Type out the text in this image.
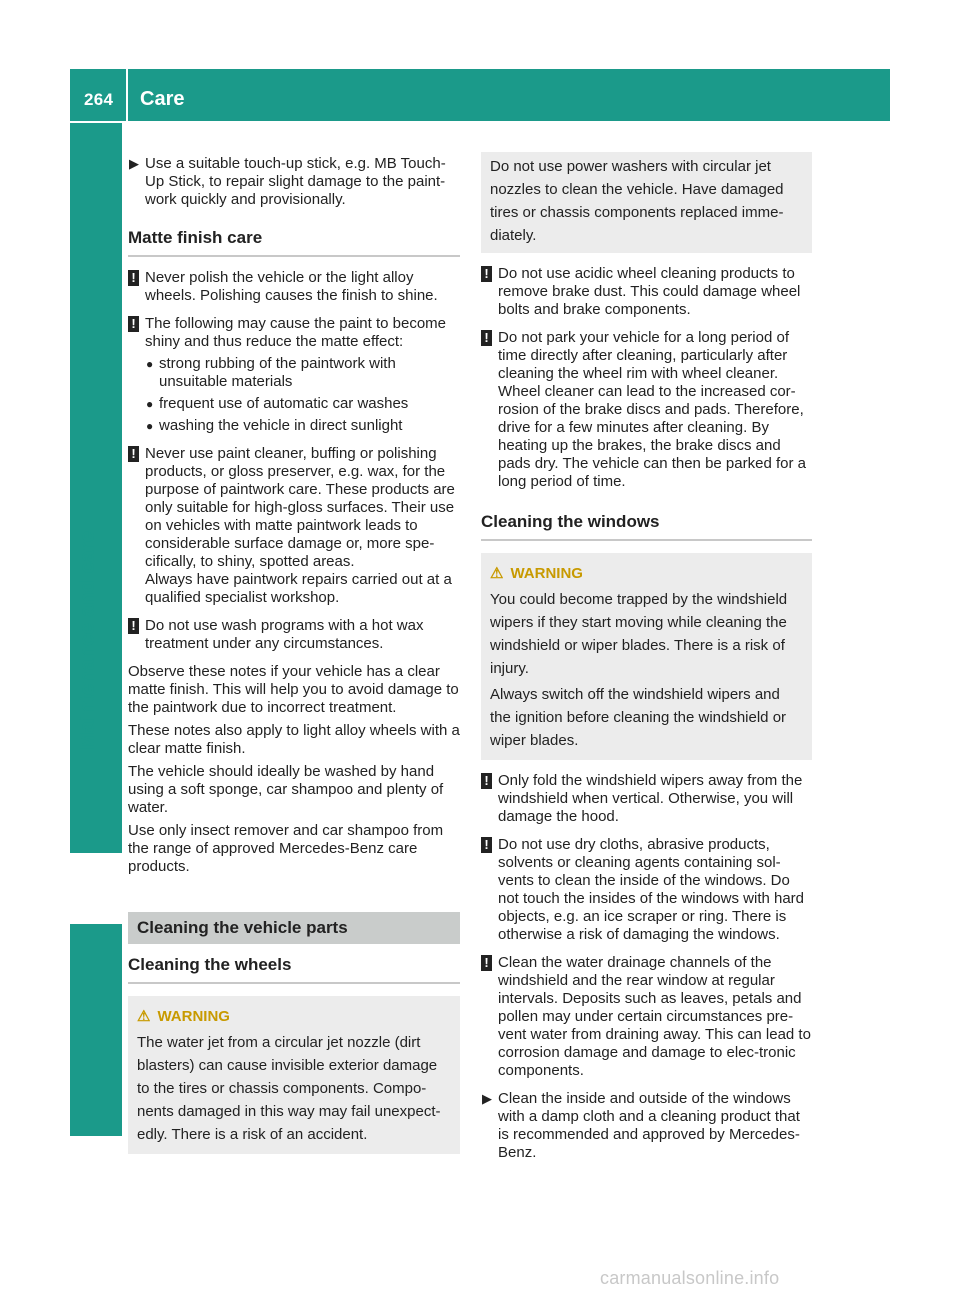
264 Care
Maintenance and care
▶ Use a suitable touch-up stick, e.g. MB Touch-Up Stick, to repair slight damage to the paint-work quickly and provisionally.
Matte finish care
! Never polish the vehicle or the light alloy wheels. Polishing causes the finish to shine.
! The following may cause the paint to become shiny and thus reduce the matte effect:
● strong rubbing of the paintwork with unsuitable materials
● frequent use of automatic car washes
● washing the vehicle in direct sunlight
! Never use paint cleaner, buffing or polishing products, or gloss preserver, e.g. wax, for the purpose of paintwork care. These products are only suitable for high-gloss surfaces. Their use on vehicles with matte paintwork leads to considerable surface damage or, more spe-cifically, to shiny, spotted areas.
Always have paintwork repairs carried out at a qualified specialist workshop.
! Do not use wash programs with a hot wax treatment under any circumstances.

Observe these notes if your vehicle has a clear matte finish. This will help you to avoid damage to the paintwork due to incorrect treatment.

These notes also apply to light alloy wheels with a clear matte finish.

The vehicle should ideally be washed by hand using a soft sponge, car shampoo and plenty of water.

Use only insect remover and car shampoo from the range of approved Mercedes-Benz care products.

Cleaning the vehicle parts
Cleaning the wheels
⚠ WARNING
The water jet from a circular jet nozzle (dirt blasters) can cause invisible exterior damage to the tires or chassis components. Compo-nents damaged in this way may fail unexpect-edly. There is a risk of an accident.
Do not use power washers with circular jet nozzles to clean the vehicle. Have damaged tires or chassis components replaced imme-diately.
! Do not use acidic wheel cleaning products to remove brake dust. This could damage wheel bolts and brake components.
! Do not park your vehicle for a long period of time directly after cleaning, particularly after cleaning the wheel rim with wheel cleaner. Wheel cleaner can lead to the increased cor-rosion of the brake discs and pads. Therefore, drive for a few minutes after cleaning. By heating up the brakes, the brake discs and pads dry. The vehicle can then be parked for a long period of time.
Cleaning the windows
⚠ WARNING
You could become trapped by the windshield wipers if they start moving while cleaning the windshield or wiper blades. There is a risk of injury.
Always switch off the windshield wipers and the ignition before cleaning the windshield or wiper blades.
! Only fold the windshield wipers away from the windshield when vertical. Otherwise, you will damage the hood.
! Do not use dry cloths, abrasive products, solvents or cleaning agents containing sol-vents to clean the inside of the windows. Do not touch the insides of the windows with hard objects, e.g. an ice scraper or ring. There is otherwise a risk of damaging the windows.
! Clean the water drainage channels of the windshield and the rear window at regular intervals. Deposits such as leaves, petals and pollen may under certain circumstances pre-vent water from draining away. This can lead to corrosion damage and damage to elec-tronic components.
▶ Clean the inside and outside of the windows with a damp cloth and a cleaning product that is recommended and approved by Mercedes-Benz.
carmanualsonline.info
